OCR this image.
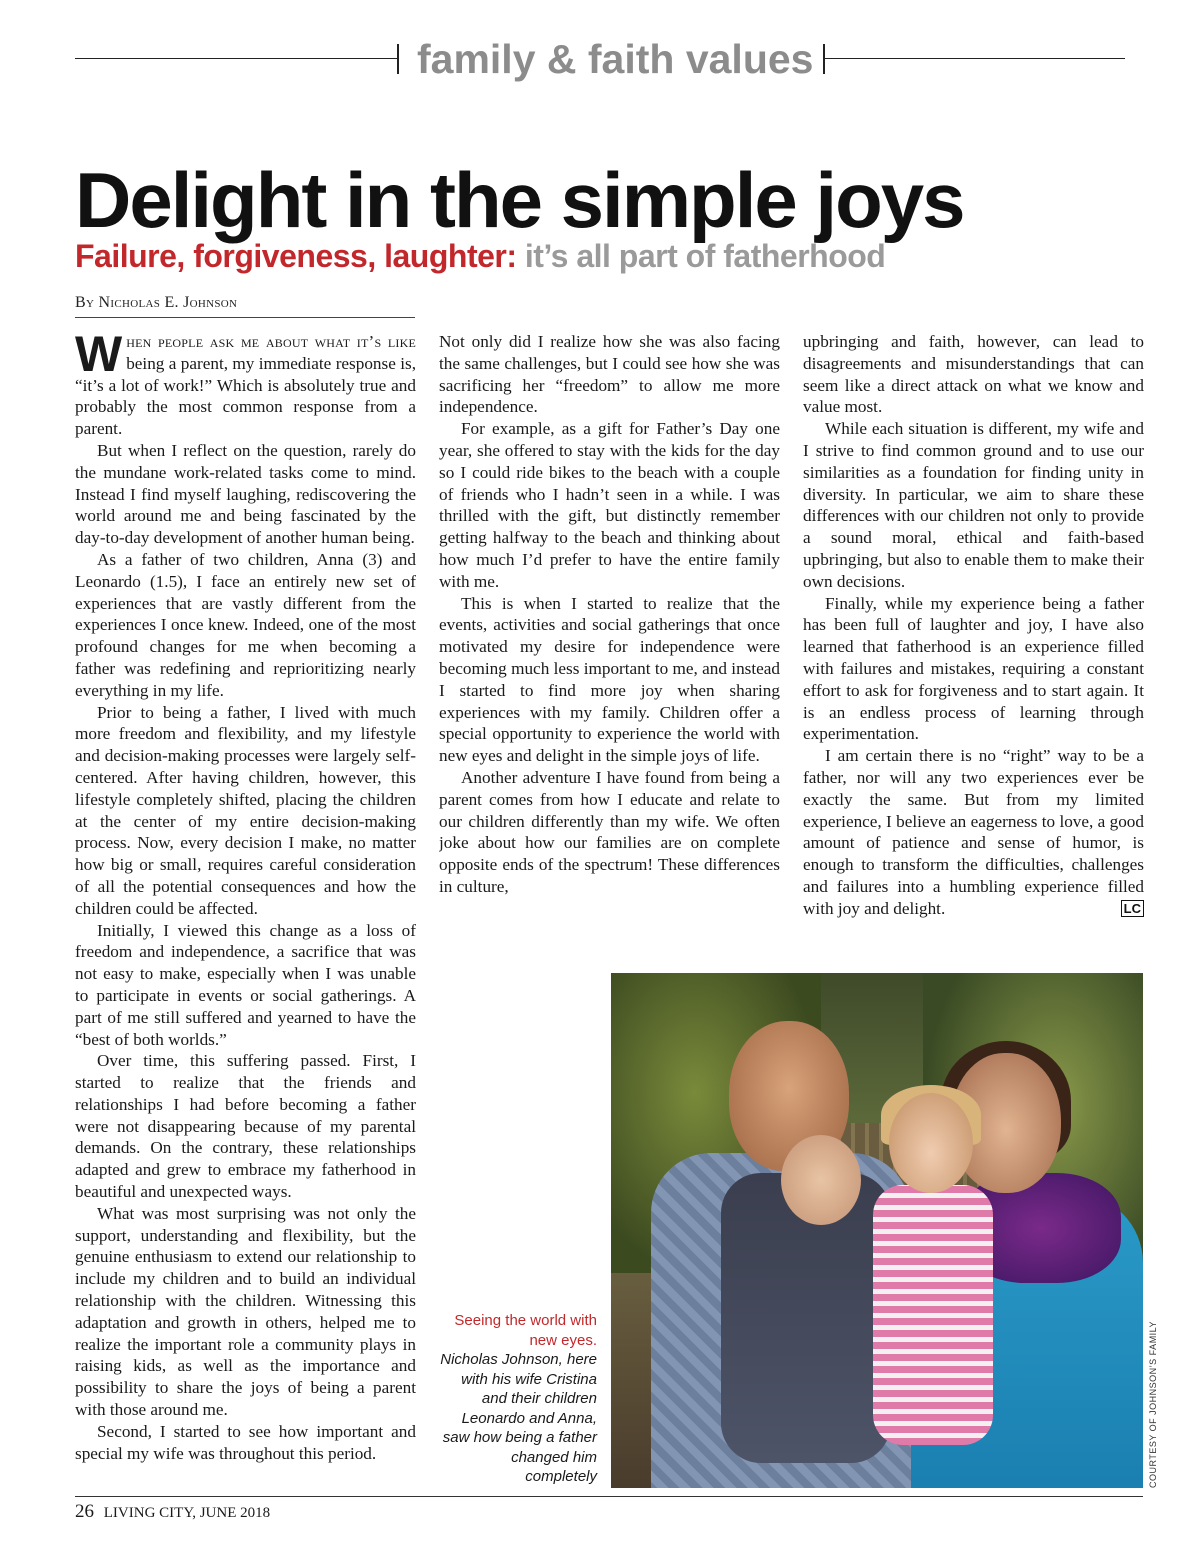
family & faith values
Delight in the simple joys
Failure, forgiveness, laughter: it’s all part of fatherhood
By Nicholas E. Johnson

When people ask me about what it’s like being a parent, my immediate response is, “it’s a lot of work!” Which is absolutely true and probably the most common response from a parent.

But when I reflect on the question, rarely do the mundane work-related tasks come to mind. Instead I find myself laughing, rediscovering the world around me and being fascinated by the day-to-day development of another human being.

As a father of two children, Anna (3) and Leonardo (1.5), I face an entirely new set of experiences that are vastly different from the experiences I once knew. Indeed, one of the most profound changes for me when becoming a father was redefining and reprioritizing nearly everything in my life.

Prior to being a father, I lived with much more freedom and flexibility, and my lifestyle and decision-making processes were largely self-centered. After having children, however, this lifestyle completely shifted, placing the children at the center of my entire decision-making process. Now, every decision I make, no matter how big or small, requires careful consideration of all the potential consequences and how the children could be affected.

Initially, I viewed this change as a loss of freedom and independence, a sacrifice that was not easy to make, especially when I was unable to participate in events or social gatherings. A part of me still suffered and yearned to have the “best of both worlds.”

Over time, this suffering passed. First, I started to realize that the friends and relationships I had before becoming a father were not disappearing because of my parental demands. On the contrary, these relationships adapted and grew to embrace my fatherhood in beautiful and unexpected ways.

What was most surprising was not only the support, understanding and flexibility, but the genuine enthusiasm to extend our relationship to include my children and to build an individual relationship with the children. Witnessing this adaptation and growth in others, helped me to realize the important role a community plays in raising kids, as well as the importance and possibility to share the joys of being a parent with those around me.

Second, I started to see how important and special my wife was throughout this period.

Not only did I realize how she was also facing the same challenges, but I could see how she was sacrificing her “freedom” to allow me more independence.

For example, as a gift for Father’s Day one year, she offered to stay with the kids for the day so I could ride bikes to the beach with a couple of friends who I hadn’t seen in a while. I was thrilled with the gift, but distinctly remember getting halfway to the beach and thinking about how much I’d prefer to have the entire family with me.

This is when I started to realize that the events, activities and social gatherings that once motivated my desire for independence were becoming much less important to me, and instead I started to find more joy when sharing experiences with my family. Children offer a special opportunity to experience the world with new eyes and delight in the simple joys of life.

Another adventure I have found from being a parent comes from how I educate and relate to our children differently than my wife. We often joke about how our families are on complete opposite ends of the spectrum! These differences in culture,

upbringing and faith, however, can lead to disagreements and misunderstandings that can seem like a direct attack on what we know and value most.

While each situation is different, my wife and I strive to find common ground and to use our similarities as a foundation for finding unity in diversity. In particular, we aim to share these differences with our children not only to provide a sound moral, ethical and faith-based upbringing, but also to enable them to make their own decisions.

Finally, while my experience being a father has been full of laughter and joy, I have also learned that fatherhood is an experience filled with failures and mistakes, requiring a constant effort to ask for forgiveness and to start again. It is an endless process of learning through experimentation.

I am certain there is no “right” way to be a father, nor will any two experiences ever be exactly the same. But from my limited experience, I believe an eagerness to love, a good amount of patience and sense of humor, is enough to transform the difficulties, challenges and failures into a humbling experience filled with joy and delight.	LC

COURTESY OF JOHNSON’S FAMILY
Seeing the world with new eyes.
Nicholas Johnson, here with his wife Cristina and their children Leonardo and Anna, saw how being a father changed him completely
26 LIVING CITY, JUNE 2018
